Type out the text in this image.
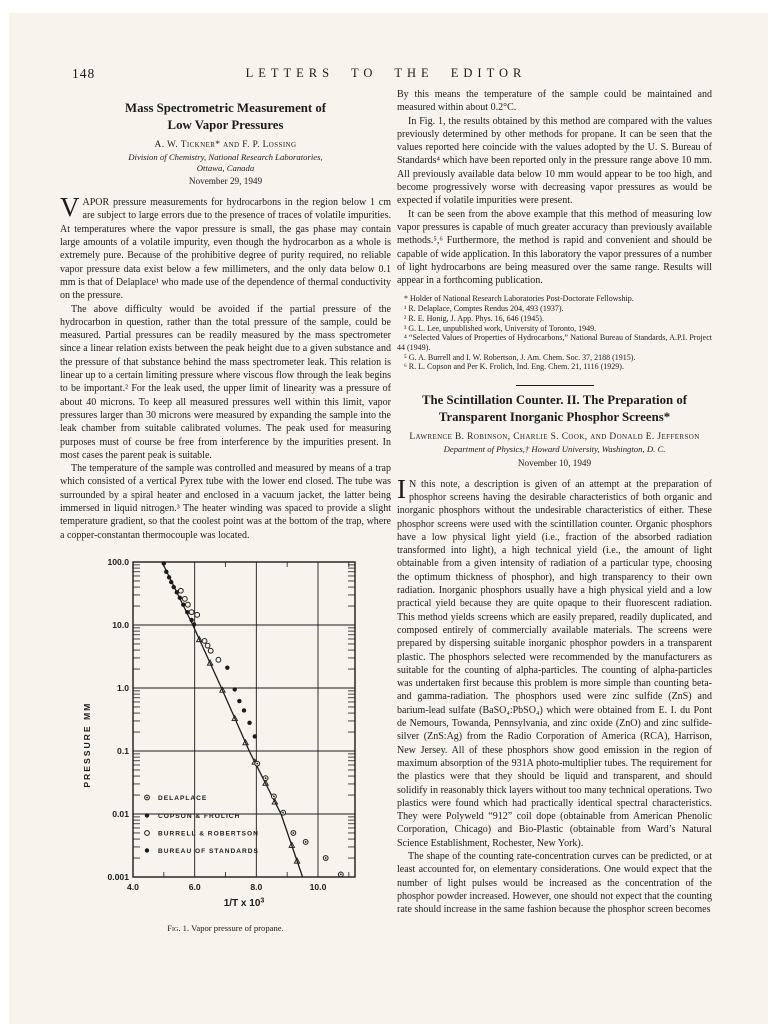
148	LETTERS TO THE EDITOR
Mass Spectrometric Measurement of
Low Vapor Pressures
A. W. Tickner* and F. P. Lossing
Division of Chemistry, National Research Laboratories,
Ottawa, Canada
November 29, 1949

VAPOR pressure measurements for hydrocarbons in the region below 1 cm are subject to large errors due to the presence of traces of volatile impurities. At temperatures where the vapor pressure is small, the gas phase may contain large amounts of a volatile impurity, even though the hydrocarbon as a whole is extremely pure. Because of the prohibitive degree of purity required, no reliable vapor pressure data exist below a few millimeters, and the only data below 0.1 mm is that of Delaplace¹ who made use of the dependence of thermal conductivity on the pressure.

The above difficulty would be avoided if the partial pressure of the hydrocarbon in question, rather than the total pressure of the sample, could be measured. Partial pressures can be readily measured by the mass spectrometer since a linear relation exists between the peak height due to a given substance and the pressure of that substance behind the mass spectrometer leak. This relation is linear up to a certain limiting pressure where viscous flow through the leak begins to be important.² For the leak used, the upper limit of linearity was a pressure of about 40 microns. To keep all measured pressures well within this limit, vapor pressures larger than 30 microns were measured by expanding the sample into the leak chamber from suitable calibrated volumes. The peak used for measuring purposes must of course be free from interference by the impurities present. In most cases the parent peak is suitable.

The temperature of the sample was controlled and measured by means of a trap which consisted of a vertical Pyrex tube with the lower end closed. The tube was surrounded by a spiral heater and enclosed in a vacuum jacket, the latter being immersed in liquid nitrogen.³ The heater winding was spaced to provide a slight temperature gradient, so that the coolest point was at the bottom of the trap, where a copper-constantan thermocouple was located.

100.0
10.0
1.0
0.1
0.01
0.001
4.0	6.0	8.0	10.0
DELAPLACE
COPSON & FROLICH
BURRELL & ROBERTSON
BUREAU OF STANDARDS
PRESSURE MM
1/T x $10^3$
Fig. 1. Vapor pressure of propane.

By this means the temperature of the sample could be maintained and measured within about 0.2°C.

In Fig. 1, the results obtained by this method are compared with the values previously determined by other methods for propane. It can be seen that the values reported here coincide with the values adopted by the U. S. Bureau of Standards⁴ which have been reported only in the pressure range above 10 mm. All previously available data below 10 mm would appear to be too high, and become progressively worse with decreasing vapor pressures as would be expected if volatile impurities were present.

It can be seen from the above example that this method of measuring low vapor pressures is capable of much greater accuracy than previously available methods.⁵,⁶ Furthermore, the method is rapid and convenient and should be capable of wide application. In this laboratory the vapor pressures of a number of light hydrocarbons are being measured over the same range. Results will appear in a forthcoming publication.

* Holder of National Research Laboratories Post-Doctorate Fellowship.

¹ R. Delaplace, Comptes Rendus 204, 493 (1937).

² R. E. Honig, J. App. Phys. 16, 646 (1945).

³ G. L. Lee, unpublished work, University of Toronto, 1949.

⁴ “Selected Values of Properties of Hydrocarbons,” National Bureau of Standards, A.P.I. Project 44 (1949).

⁵ G. A. Burrell and I. W. Robertson, J. Am. Chem. Soc. 37, 2188 (1915).

⁶ R. L. Copson and Per K. Frolich, Ind. Eng. Chem. 21, 1116 (1929).

The Scintillation Counter. II. The Preparation of
Transparent Inorganic Phosphor Screens*
Lawrence B. Robinson, Charlie S. Cook, and Donald E. Jefferson
Department of Physics,† Howard University, Washington, D. C.
November 10, 1949

I N this note, a description is given of an attempt at the preparation of phosphor screens having the desirable characteristics of both organic and inorganic phosphors without the undesirable characteristics of either. These phosphor screens were used with the scintillation counter. Organic phosphors have a low physical light yield (i.e., fraction of the absorbed radiation transformed into light), a high technical yield (i.e., the amount of light obtainable from a given intensity of radiation of a particular type, choosing the optimum thickness of phosphor), and high transparency to their own radiation. Inorganic phosphors usually have a high physical yield and a low practical yield because they are quite opaque to their fluorescent radiation. This method yields screens which are easily prepared, readily duplicated, and composed entirely of commercially available materials. The screens were prepared by dispersing suitable inorganic phosphor powders in a transparent plastic. The phosphors selected were recommended by the manufacturers as suitable for the counting of alpha-particles. The counting of alpha-particles was undertaken first because this problem is more simple than counting beta- and gamma-radiation. The phosphors used were zinc sulfide (ZnS) and barium-lead sulfate (BaSO₄:PbSO₄) which were obtained from E. I. du Pont de Nemours, Towanda, Pennsylvania, and zinc oxide (ZnO) and zinc sulfide-silver (ZnS:Ag) from the Radio Corporation of America (RCA), Harrison, New Jersey. All of these phosphors show good emission in the region of maximum absorption of the 931A photo-multiplier tubes. The requirement for the plastics were that they should be liquid and transparent, and should solidify in reasonably thick layers without too many technical operations. Two plastics were found which had practically identical spectral characteristics. They were Polyweld “912” coil dope (obtainable from American Phenolic Corporation, Chicago) and Bio-Plastic (obtainable from Ward’s Natural Science Establishment, Rochester, New York).

The shape of the counting rate-concentration curves can be predicted, or at least accounted for, on elementary considerations. One would expect that the number of light pulses would be increased as the concentration of the phosphor powder increased. However, one should not expect that the counting rate should increase in the same fashion because the phosphor screen becomes
